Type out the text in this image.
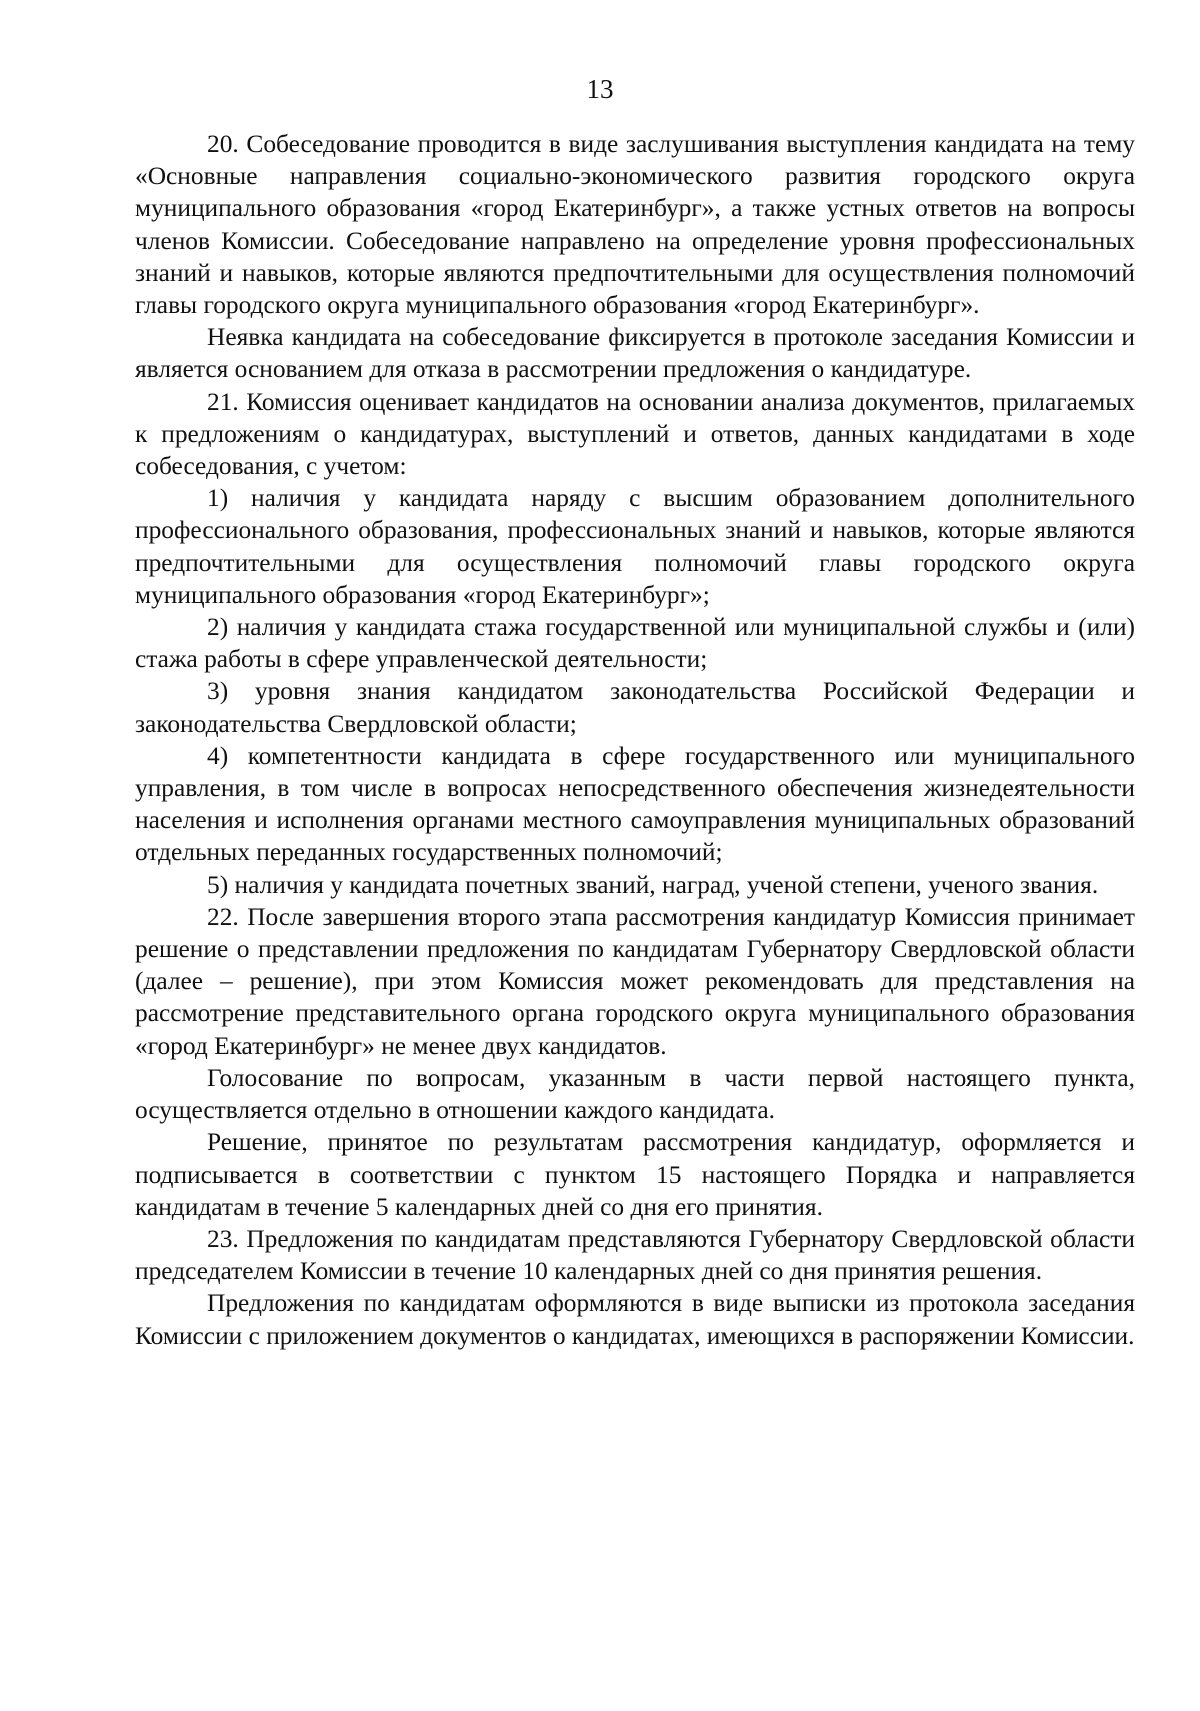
13

20. Собеседование проводится в виде заслушивания выступления кандидата на тему «Основные направления социально-экономического развития городского округа муниципального образования «город Екатеринбург», а также устных ответов на вопросы членов Комиссии. Собеседование направлено на определение уровня профессиональных знаний и навыков, которые являются предпочтительными для осуществления полномочий главы городского округа муниципального образования «город Екатеринбург».

Неявка кандидата на собеседование фиксируется в протоколе заседания Комиссии и является основанием для отказа в рассмотрении предложения о кандидатуре.

21. Комиссия оценивает кандидатов на основании анализа документов, прилагаемых к предложениям о кандидатурах, выступлений и ответов, данных кандидатами в ходе собеседования, с учетом:

1) наличия у кандидата наряду с высшим образованием дополнительного профессионального образования, профессиональных знаний и навыков, которые являются предпочтительными для осуществления полномочий главы городского округа муниципального образования «город Екатеринбург»;

2) наличия у кандидата стажа государственной или муниципальной службы и (или) стажа работы в сфере управленческой деятельности;

3) уровня знания кандидатом законодательства Российской Федерации и законодательства Свердловской области;

4) компетентности кандидата в сфере государственного или муниципального управления, в том числе в вопросах непосредственного обеспечения жизнедеятельности населения и исполнения органами местного самоуправления муниципальных образований отдельных переданных государственных полномочий;

5) наличия у кандидата почетных званий, наград, ученой степени, ученого звания.

22. После завершения второго этапа рассмотрения кандидатур Комиссия принимает решение о представлении предложения по кандидатам Губернатору Свердловской области (далее – решение), при этом Комиссия может рекомендовать для представления на рассмотрение представительного органа городского округа муниципального образования «город Екатеринбург» не менее двух кандидатов.

Голосование по вопросам, указанным в части первой настоящего пункта, осуществляется отдельно в отношении каждого кандидата.

Решение, принятое по результатам рассмотрения кандидатур, оформляется и подписывается в соответствии с пунктом 15 настоящего Порядка и направляется кандидатам в течение 5 календарных дней со дня его принятия.

23. Предложения по кандидатам представляются Губернатору Свердловской области председателем Комиссии в течение 10 календарных дней со дня принятия решения.

Предложения по кандидатам оформляются в виде выписки из протокола заседания Комиссии с приложением документов о кандидатах, имеющихся в распоряжении Комиссии.
